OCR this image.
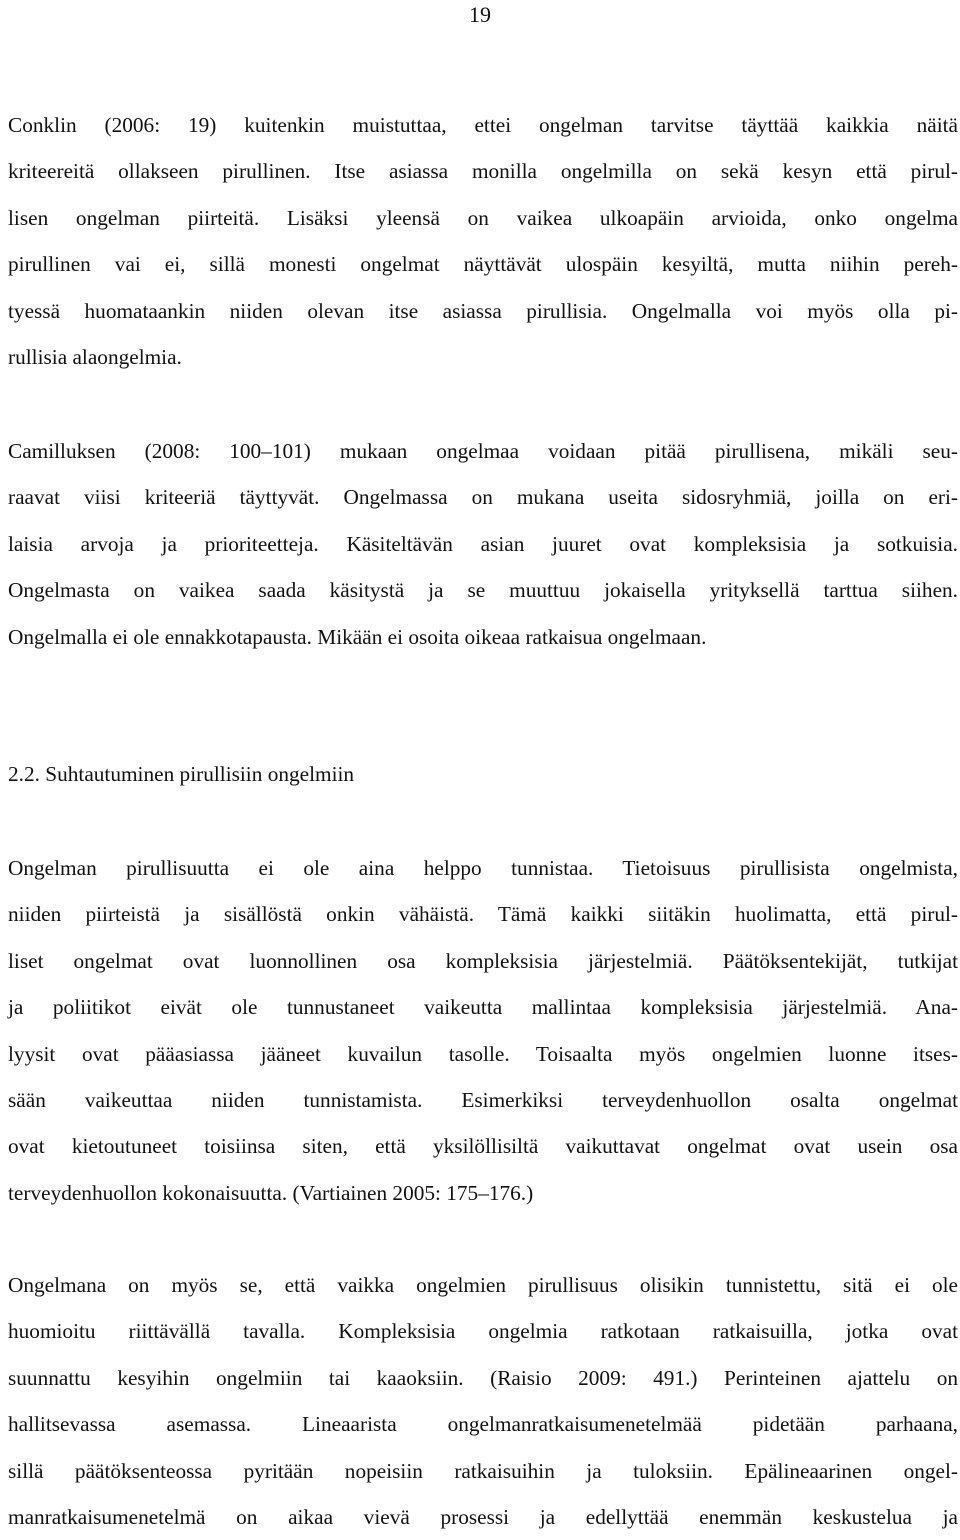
19
Conklin (2006: 19) kuitenkin muistuttaa, ettei ongelman tarvitse täyttää kaikkia näitä
kriteereitä ollakseen pirullinen. Itse asiassa monilla ongelmilla on sekä kesyn että pirul-
lisen ongelman piirteitä. Lisäksi yleensä on vaikea ulkoapäin arvioida, onko ongelma
pirullinen vai ei, sillä monesti ongelmat näyttävät ulospäin kesyiltä, mutta niihin pereh-
tyessä huomataankin niiden olevan itse asiassa pirullisia. Ongelmalla voi myös olla pi-
rullisia alaongelmia.
Camilluksen (2008: 100–101) mukaan ongelmaa voidaan pitää pirullisena, mikäli seu-
raavat viisi kriteeriä täyttyvät. Ongelmassa on mukana useita sidosryhmiä, joilla on eri-
laisia arvoja ja prioriteetteja. Käsiteltävän asian juuret ovat kompleksisia ja sotkuisia.
Ongelmasta on vaikea saada käsitystä ja se muuttuu jokaisella yrityksellä tarttua siihen.
Ongelmalla ei ole ennakkotapausta. Mikään ei osoita oikeaa ratkaisua ongelmaan.
2.2. Suhtautuminen pirullisiin ongelmiin
Ongelman pirullisuutta ei ole aina helppo tunnistaa. Tietoisuus pirullisista ongelmista,
niiden piirteistä ja sisällöstä onkin vähäistä. Tämä kaikki siitäkin huolimatta, että pirul-
liset ongelmat ovat luonnollinen osa kompleksisia järjestelmiä. Päätöksentekijät, tutkijat
ja poliitikot eivät ole tunnustaneet vaikeutta mallintaa kompleksisia järjestelmiä. Ana-
lyysit ovat pääasiassa jääneet kuvailun tasolle. Toisaalta myös ongelmien luonne itses-
sään vaikeuttaa niiden tunnistamista. Esimerkiksi terveydenhuollon osalta ongelmat
ovat kietoutuneet toisiinsa siten, että yksilöllisiltä vaikuttavat ongelmat ovat usein osa
terveydenhuollon kokonaisuutta. (Vartiainen 2005: 175–176.)
Ongelmana on myös se, että vaikka ongelmien pirullisuus olisikin tunnistettu, sitä ei ole
huomioitu riittävällä tavalla. Kompleksisia ongelmia ratkotaan ratkaisuilla, jotka ovat
suunnattu kesyihin ongelmiin tai kaaoksiin. (Raisio 2009: 491.) Perinteinen ajattelu on
hallitsevassa asemassa. Lineaarista ongelmanratkaisumenetelmää pidetään parhaana,
sillä päätöksenteossa pyritään nopeisiin ratkaisuihin ja tuloksiin. Epälineaarinen ongel-
manratkaisumenetelmä on aikaa vievä prosessi ja edellyttää enemmän keskustelua ja
